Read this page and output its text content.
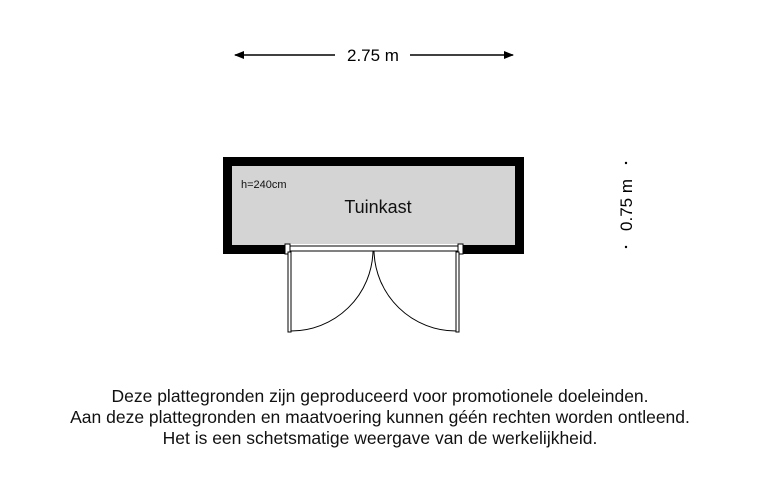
2.75 m
0.75 m
h=240cm
Tuinkast
Deze plattegronden zijn geproduceerd voor promotionele doeleinden.
Aan deze plattegronden en maatvoering kunnen géén rechten worden ontleend.
Het is een schetsmatige weergave van de werkelijkheid.
